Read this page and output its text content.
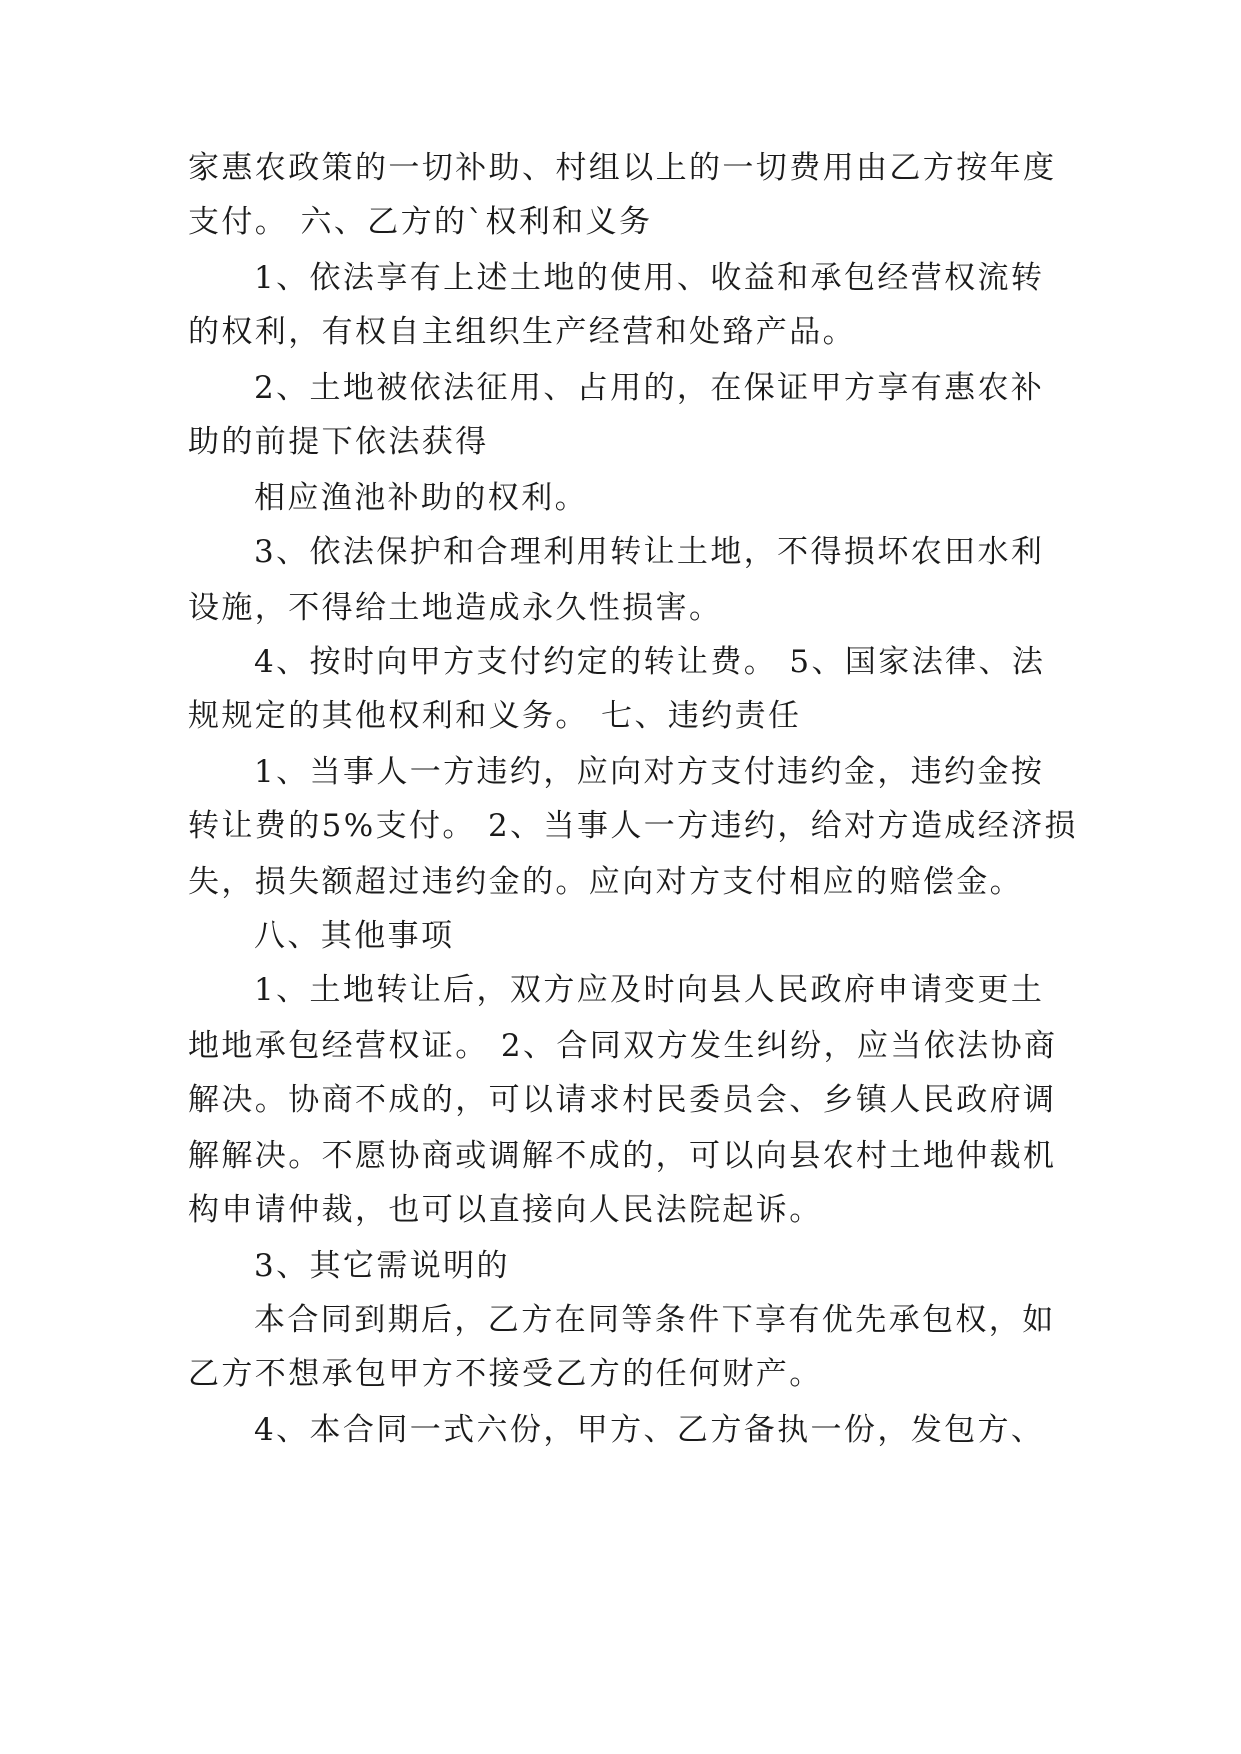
家惠农政策的一切补助、村组以上的一切费用由乙方按年度
支付。 六、乙方的`权利和义务
1、依法享有上述土地的使用、收益和承包经营权流转
的权利，有权自主组织生产经营和处臵产品。
2、土地被依法征用、占用的，在保证甲方享有惠农补
助的前提下依法获得
相应渔池补助的权利。
3、依法保护和合理利用转让土地，不得损坏农田水利
设施，不得给土地造成永久性损害。
4、按时向甲方支付约定的转让费。 5、国家法律、法
规规定的其他权利和义务。 七、违约责任
1、当事人一方违约，应向对方支付违约金，违约金按
转让费的5%支付。 2、当事人一方违约，给对方造成经济损
失，损失额超过违约金的。应向对方支付相应的赔偿金。
八、其他事项
1、土地转让后，双方应及时向县人民政府申请变更土
地地承包经营权证。 2、合同双方发生纠纷，应当依法协商
解决。协商不成的，可以请求村民委员会、乡镇人民政府调
解解决。不愿协商或调解不成的，可以向县农村土地仲裁机
构申请仲裁，也可以直接向人民法院起诉。
3、其它需说明的
本合同到期后，乙方在同等条件下享有优先承包权，如
乙方不想承包甲方不接受乙方的任何财产。
4、本合同一式六份，甲方、乙方备执一份，发包方、
